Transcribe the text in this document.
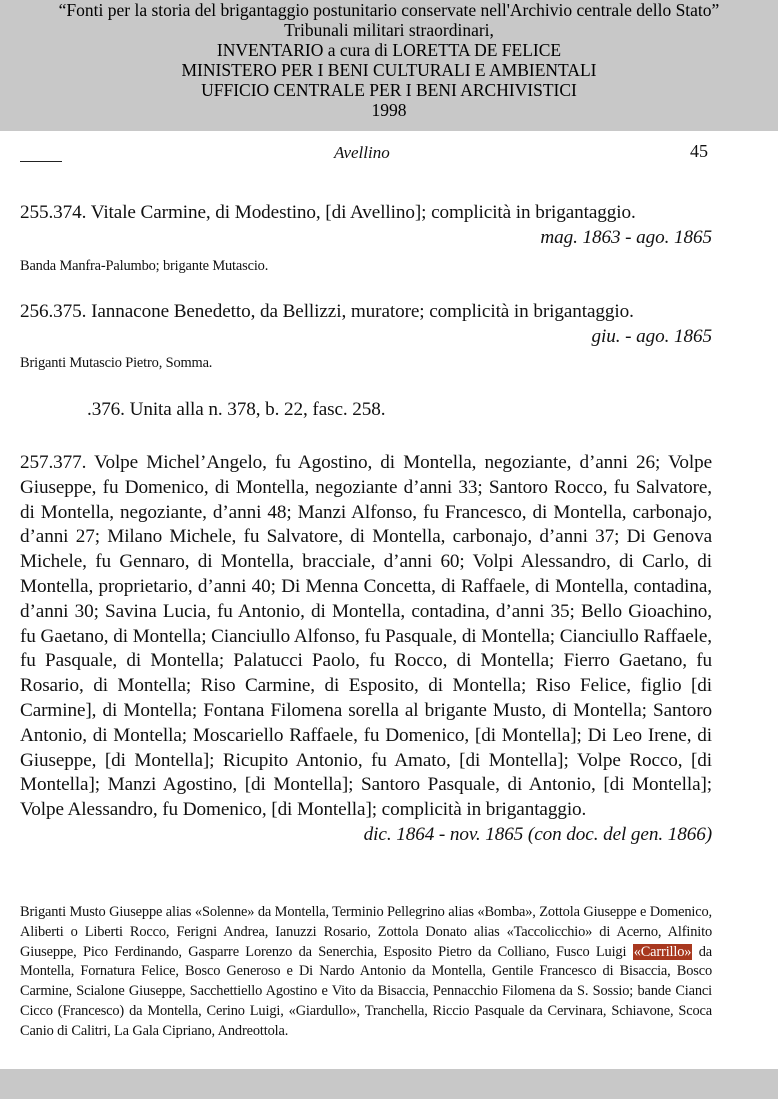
“Fonti per la storia del brigantaggio postunitario conservate nell'Archivio centrale dello Stato”
Tribunali militari straordinari,
INVENTARIO a cura di LORETTA DE FELICE
MINISTERO PER I BENI CULTURALI E AMBIENTALI
UFFICIO CENTRALE PER I BENI ARCHIVISTICI
1998
Avellino	45
255.374. Vitale Carmine, di Modestino, [di Avellino]; complicità in brigantaggio.
mag. 1863 - ago. 1865
Banda Manfra-Palumbo; brigante Mutascio.
256.375. Iannacone Benedetto, da Bellizzi, muratore; complicità in brigantaggio.
giu. - ago. 1865
Briganti Mutascio Pietro, Somma.
.376. Unita alla n. 378, b. 22, fasc. 258.
257.377. Volpe Michel’Angelo, fu Agostino, di Montella, negoziante, d’anni 26; Volpe Giuseppe, fu Domenico, di Montella, negoziante d’anni 33; Santoro Rocco, fu Salvatore, di Montella, negoziante, d’anni 48; Manzi Alfonso, fu Francesco, di Montella, carbonajo, d’anni 27; Milano Michele, fu Salvatore, di Montella, carbonajo, d’anni 37; Di Genova Michele, fu Gennaro, di Montella, bracciale, d’anni 60; Volpi Alessandro, di Carlo, di Montella, proprietario, d’anni 40; Di Menna Concetta, di Raffaele, di Montella, contadina, d’anni 30; Savina Lucia, fu Antonio, di Montella, contadina, d’anni 35; Bello Gioachino, fu Gaetano, di Montella; Cianciullo Alfonso, fu Pasquale, di Montella; Cianciullo Raffaele, fu Pasquale, di Montella; Palatucci Paolo, fu Rocco, di Montella; Fierro Gaetano, fu Rosario, di Montella; Riso Carmine, di Esposito, di Montella; Riso Felice, figlio [di Carmine], di Montella; Fontana Filomena sorella al brigante Musto, di Montella; Santoro Antonio, di Montella; Moscariello Raffaele, fu Domenico, [di Montella]; Di Leo Irene, di Giuseppe, [di Montella]; Ricupito Antonio, fu Amato, [di Montella]; Volpe Rocco, [di Montella]; Manzi Agostino, [di Montella]; Santoro Pasquale, di Antonio, [di Montella]; Volpe Alessandro, fu Domenico, [di Montella]; complicità in brigantaggio.
dic. 1864 - nov. 1865 (con doc. del gen. 1866)
Briganti Musto Giuseppe alias «Solenne» da Montella, Terminio Pellegrino alias «Bomba», Zottola Giuseppe e Domenico, Aliberti o Liberti Rocco, Ferigni Andrea, Ianuzzi Rosario, Zottola Donato alias «Taccolicchio» di Acerno, Alfinito Giuseppe, Pico Ferdinando, Gasparre Lorenzo da Senerchia, Esposito Pietro da Colliano, Fusco Luigi «Carrillo» da Montella, Fornatura Felice, Bosco Generoso e Di Nardo Antonio da Montella, Gentile Francesco di Bisaccia, Bosco Carmine, Scialone Giuseppe, Sacchettiello Agostino e Vito da Bisaccia, Pennacchio Filomena da S. Sossio; bande Cianci Cicco (Francesco) da Montella, Cerino Luigi, «Giardullo», Tranchella, Riccio Pasquale da Cervinara, Schiavone, Scoca Canio di Calitri, La Gala Cipriano, Andreottola.
